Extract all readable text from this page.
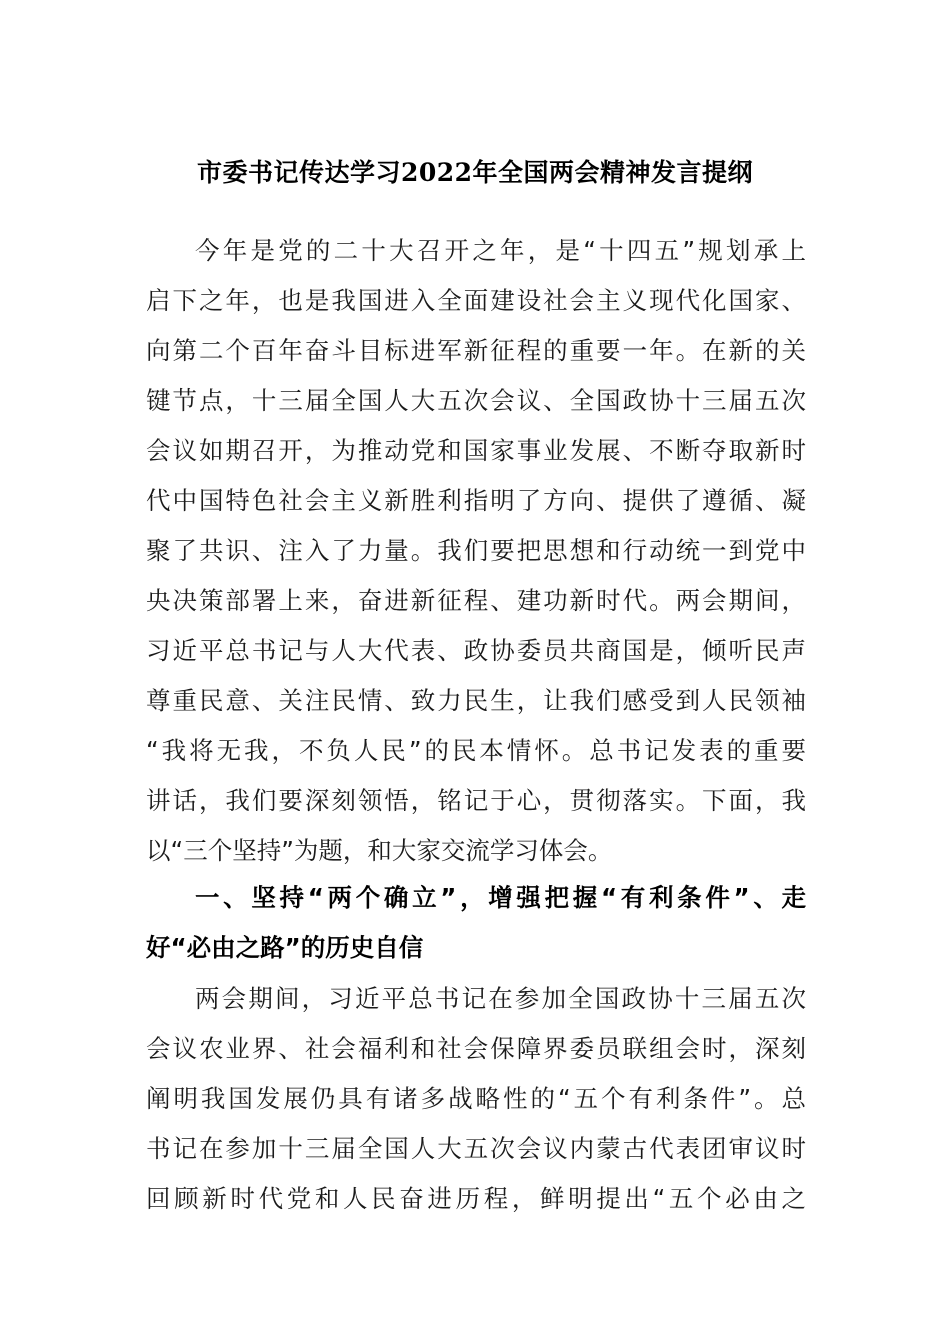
市委书记传达学习2022年全国两会精神发言提纲
今年是党的二十大召开之年，是“十四五”规划承上
启下之年，也是我国进入全面建设社会主义现代化国家、
向第二个百年奋斗目标进军新征程的重要一年。在新的关
键节点，十三届全国人大五次会议、全国政协十三届五次
会议如期召开，为推动党和国家事业发展、不断夺取新时
代中国特色社会主义新胜利指明了方向、提供了遵循、凝
聚了共识、注入了力量。我们要把思想和行动统一到党中
央决策部署上来，奋进新征程、建功新时代。两会期间，
习近平总书记与人大代表、政协委员共商国是，倾听民声
尊重民意、关注民情、致力民生，让我们感受到人民领袖
“我将无我，不负人民”的民本情怀。总书记发表的重要
讲话，我们要深刻领悟，铭记于心，贯彻落实。下面，我
以“三个坚持”为题，和大家交流学习体会。
一、坚持“两个确立”，增强把握“有利条件”、走
好“必由之路”的历史自信
两会期间，习近平总书记在参加全国政协十三届五次
会议农业界、社会福利和社会保障界委员联组会时，深刻
阐明我国发展仍具有诸多战略性的“五个有利条件”。总
书记在参加十三届全国人大五次会议内蒙古代表团审议时
回顾新时代党和人民奋进历程，鲜明提出“五个必由之
